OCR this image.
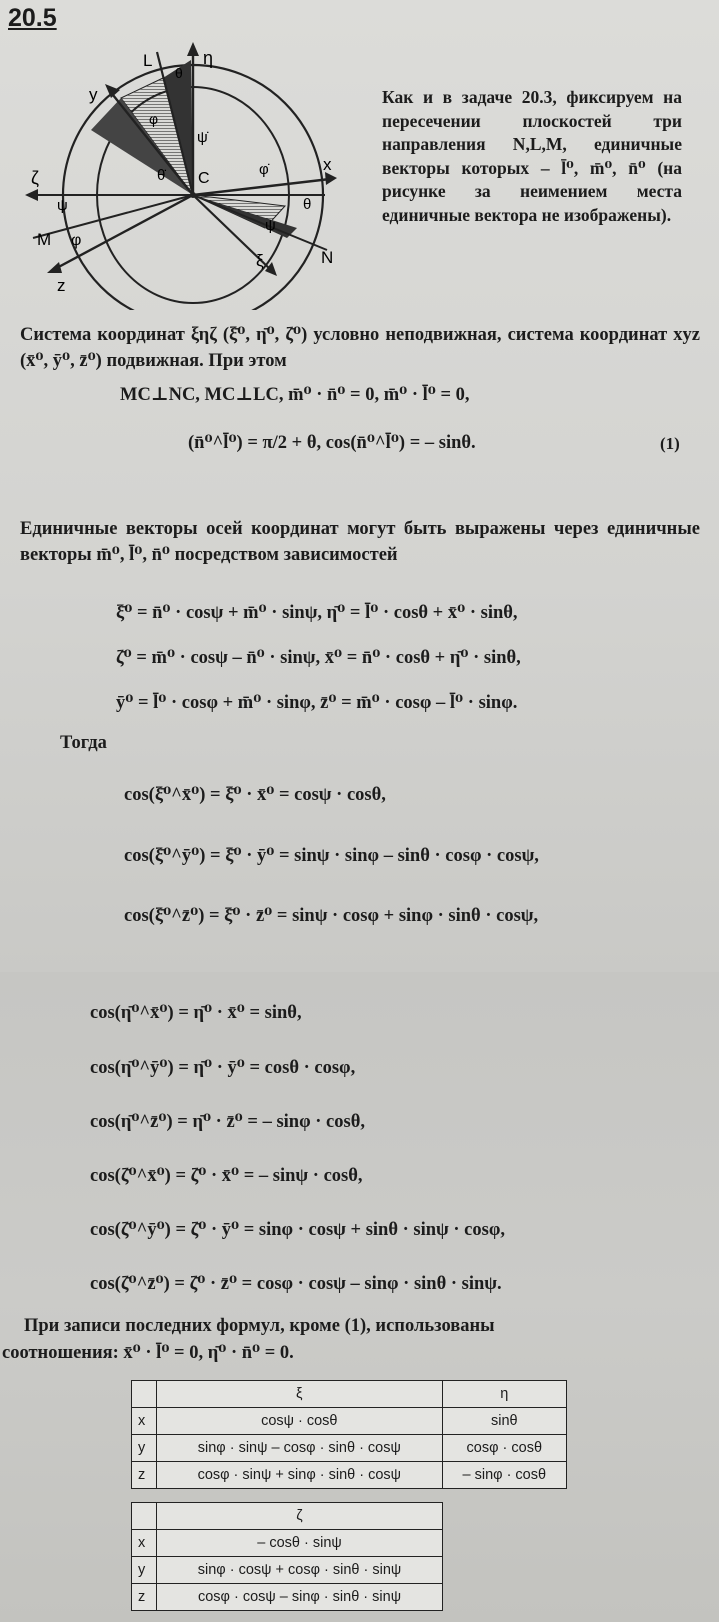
20.5
L	η
θ
y
φ
ψ̇
θ̇ C
φ̇	x
ζ
ψ	θ
M φ
ψ
ξ	N
z
Как и в задаче 20.3, фиксируем на пересечении плоскостей три направления N,L,M, единичные векторы которых – l̄⁰, m̄⁰, n̄⁰ (на рисунке за неимением места единичные вектора не изображены).
Система координат ξηζ (ξ̄⁰, η̄⁰, ζ̄⁰) условно неподвижная, система координат xyz (x̄⁰, ȳ⁰, z̄⁰) подвижная. При этом
MC⊥NC, MC⊥LC, m̄⁰ · n̄⁰ = 0, m̄⁰ · l̄⁰ = 0,
(n̄⁰^l̄⁰) = π/2 + θ, cos(n̄⁰^l̄⁰) = – sinθ.	(1)
Единичные векторы осей координат могут быть выражены через единичные векторы m̄⁰, l̄⁰, n̄⁰ посредством зависимостей
ξ̄⁰ = n̄⁰ · cosψ + m̄⁰ · sinψ, η̄⁰ = l̄⁰ · cosθ + x̄⁰ · sinθ,
ζ̄⁰ = m̄⁰ · cosψ – n̄⁰ · sinψ, x̄⁰ = n̄⁰ · cosθ + η̄⁰ · sinθ,
ȳ⁰ = l̄⁰ · cosφ + m̄⁰ · sinφ, z̄⁰ = m̄⁰ · cosφ – l̄⁰ · sinφ.
Тогда
cos(ξ̄⁰^x̄⁰) = ξ̄⁰ · x̄⁰ = cosψ · cosθ,
cos(ξ̄⁰^ȳ⁰) = ξ̄⁰ · ȳ⁰ = sinψ · sinφ – sinθ · cosφ · cosψ,
cos(ξ̄⁰^z̄⁰) = ξ̄⁰ · z̄⁰ = sinψ · cosφ + sinφ · sinθ · cosψ,
cos(η̄⁰^x̄⁰) = η̄⁰ · x̄⁰ = sinθ,
cos(η̄⁰^ȳ⁰) = η̄⁰ · ȳ⁰ = cosθ · cosφ,
cos(η̄⁰^z̄⁰) = η̄⁰ · z̄⁰ = – sinφ · cosθ,
cos(ζ̄⁰^x̄⁰) = ζ̄⁰ · x̄⁰ = – sinψ · cosθ,
cos(ζ̄⁰^ȳ⁰) = ζ̄⁰ · ȳ⁰ = sinφ · cosψ + sinθ · sinψ · cosφ,
cos(ζ̄⁰^z̄⁰) = ζ̄⁰ · z̄⁰ = cosφ · cosψ – sinφ · sinθ · sinψ.
При записи последних формул, кроме (1), использованы
соотношения: x̄⁰ · l̄⁰ = 0, η̄⁰ · n̄⁰ = 0.
	ξ	η
x	cosψ · cosθ	sinθ
y	sinφ · sinψ – cosφ · sinθ · cosψ	cosφ · cosθ
z	cosφ · sinψ + sinφ · sinθ · cosψ	– sinφ · cosθ
	ζ
x	– cosθ · sinψ
y	sinφ · cosψ + cosφ · sinθ · sinψ
z	cosφ · cosψ – sinφ · sinθ · sinψ
